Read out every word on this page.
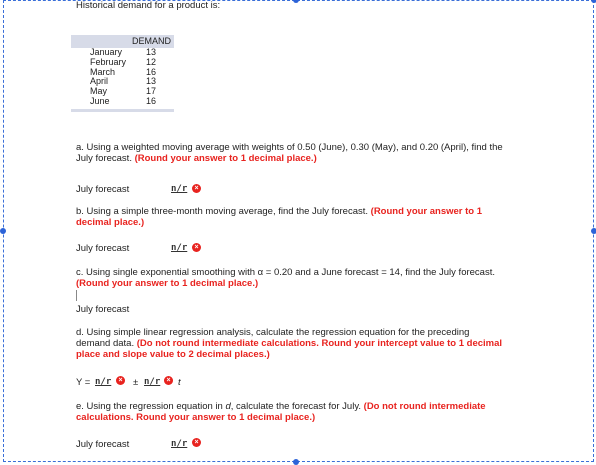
Historical demand for a product is:
DEMAND
January	13
February 12
March	16
April	13
May	17
June	16
a. Using a weighted moving average with weights of 0.50 (June), 0.30 (May), and 0.20 (April), find the July forecast. (Round your answer to 1 decimal place.)
July forecast	n/r	×
b. Using a simple three-month moving average, find the July forecast. (Round your answer to 1 decimal place.)
July forecast	n/r	×
c. Using single exponential smoothing with α = 0.20 and a June forecast = 14, find the July forecast. (Round your answer to 1 decimal place.)
July forecast
d. Using simple linear regression analysis, calculate the regression equation for the preceding demand data. (Do not round intermediate calculations. Round your intercept value to 1 decimal place and slope value to 2 decimal places.)
Y = n/r	× ± n/r × t
e. Using the regression equation in d, calculate the forecast for July. (Do not round intermediate calculations. Round your answer to 1 decimal place.)
July forecast	n/r	×
